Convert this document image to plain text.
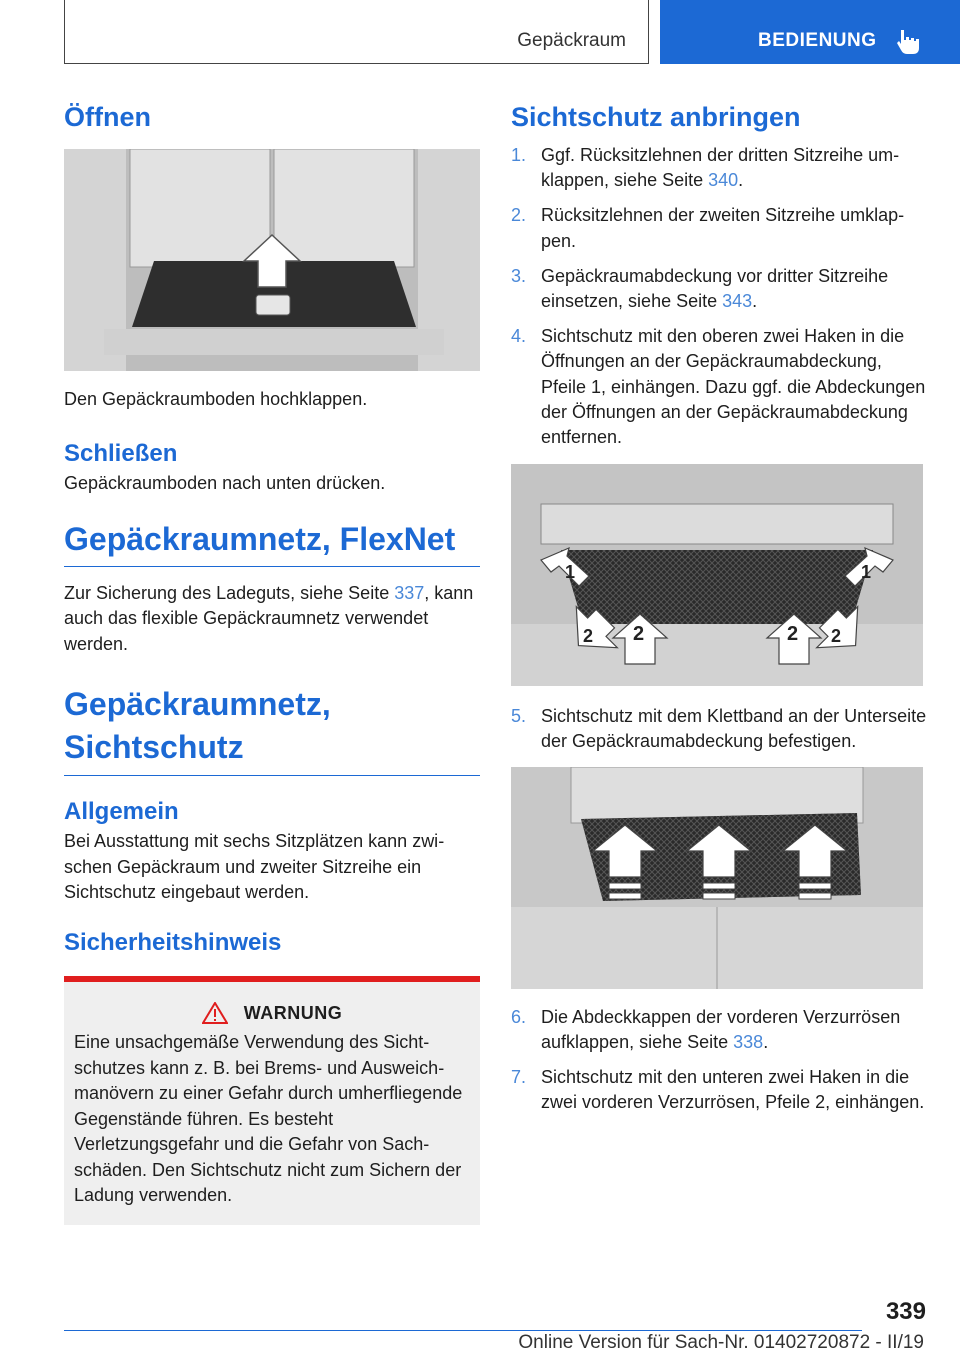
Gepäckraum	BEDIENUNG
Öffnen

Den Gepäckraumboden hochklappen.

Schließen

Gepäckraumboden nach unten drücken.

Gepäckraumnetz, FlexNet

Zur Sicherung des Ladeguts, siehe Seite 337, kann auch das flexible Gepäckraumnetz verwendet werden.

Gepäckraumnetz,
Sichtschutz
Allgemein

Bei Ausstattung mit sechs Sitzplätzen kann zwischen Gepäckraum und zweiter Sitzreihe ein Sichtschutz eingebaut werden.

Sicherheitshinweis
WARNUNG

Eine unsachgemäße Verwendung des Sichtschutzes kann z. B. bei Brems- und Ausweichmanövern zu einer Gefahr durch umherfliegende Gegenstände führen. Es besteht Verletzungsgefahr und die Gefahr von Sachschäden. Den Sichtschutz nicht zum Sichern der Ladung verwenden.

Sichtschutz anbringen
1. Ggf. Rücksitzlehnen der dritten Sitzreihe umklappen, siehe Seite 340.
2. Rücksitzlehnen der zweiten Sitzreihe umklappen.
3. Gepäckraumabdeckung vor dritter Sitzreihe einsetzen, siehe Seite 343.
4. Sichtschutz mit den oberen zwei Haken in die Öffnungen an der Gepäckraumabdeckung, Pfeile 1, einhängen. Dazu ggf. die Abdeckungen der Öffnungen an der Gepäckraumabdeckung entfernen.
1	1
2 2	2 2
5. Sichtschutz mit dem Klettband an der Unterseite der Gepäckraumabdeckung befestigen.
6. Die Abdeckkappen der vorderen Verzurrösen aufklappen, siehe Seite 338.
7. Sichtschutz mit den unteren zwei Haken in die zwei vorderen Verzurrösen, Pfeile 2, einhängen.
339
Online Version für Sach-Nr. 01402720872 - II/19
